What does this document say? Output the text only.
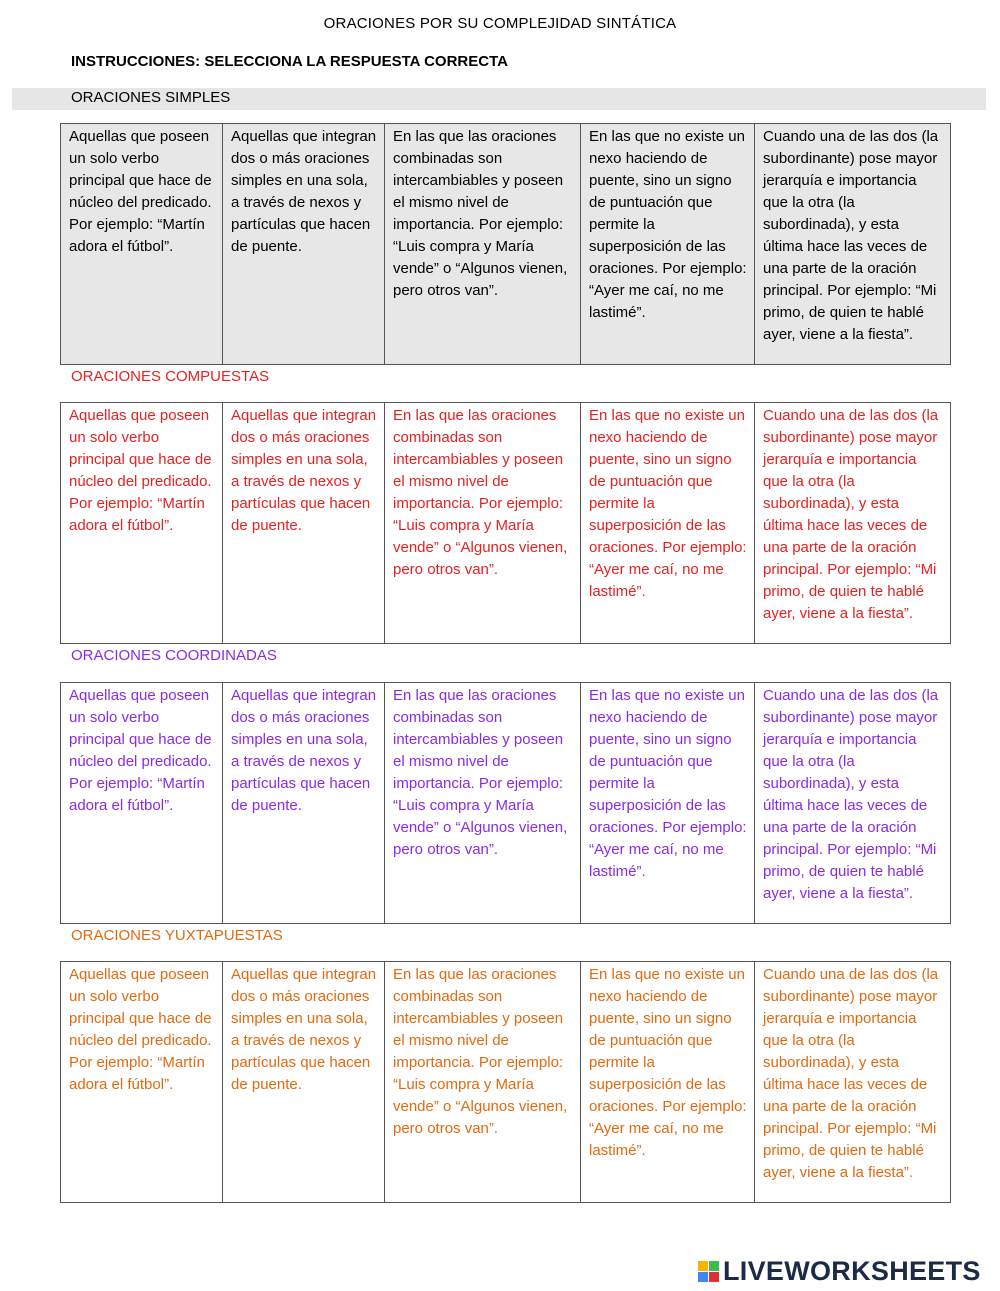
ORACIONES POR SU COMPLEJIDAD SINTÁTICA
INSTRUCCIONES: SELECCIONA LA RESPUESTA CORRECTA
ORACIONES SIMPLES
Aquellas que poseen un solo verbo principal que hace de núcleo del predicado. Por ejemplo: “Martín adora el fútbol”.	Aquellas que integran dos o más oraciones simples en una sola, a través de nexos y partículas que hacen de puente.	En las que las oraciones combinadas son intercambiables y poseen el mismo nivel de importancia. Por ejemplo: “Luis compra y María vende” o “Algunos vienen, pero otros van”.	En las que no existe un nexo haciendo de puente, sino un signo de puntuación que permite la superposición de las oraciones. Por ejemplo: “Ayer me caí, no me lastimé”.	Cuando una de las dos (la subordinante) pose mayor jerarquía e importancia que la otra (la subordinada), y esta última hace las veces de una parte de la oración principal. Por ejemplo: “Mi primo, de quien te hablé ayer, viene a la fiesta”.
ORACIONES COMPUESTAS
Aquellas que poseen un solo verbo principal que hace de núcleo del predicado. Por ejemplo: “Martín adora el fútbol”.	Aquellas que integran dos o más oraciones simples en una sola, a través de nexos y partículas que hacen de puente.	En las que las oraciones combinadas son intercambiables y poseen el mismo nivel de importancia. Por ejemplo: “Luis compra y María vende” o “Algunos vienen, pero otros van”.	En las que no existe un nexo haciendo de puente, sino un signo de puntuación que permite la superposición de las oraciones. Por ejemplo: “Ayer me caí, no me lastimé”.	Cuando una de las dos (la subordinante) pose mayor jerarquía e importancia que la otra (la subordinada), y esta última hace las veces de una parte de la oración principal. Por ejemplo: “Mi primo, de quien te hablé ayer, viene a la fiesta”.
ORACIONES COORDINADAS
Aquellas que poseen un solo verbo principal que hace de núcleo del predicado. Por ejemplo: “Martín adora el fútbol”.	Aquellas que integran dos o más oraciones simples en una sola, a través de nexos y partículas que hacen de puente.	En las que las oraciones combinadas son intercambiables y poseen el mismo nivel de importancia. Por ejemplo: “Luis compra y María vende” o “Algunos vienen, pero otros van”.	En las que no existe un nexo haciendo de puente, sino un signo de puntuación que permite la superposición de las oraciones. Por ejemplo: “Ayer me caí, no me lastimé”.	Cuando una de las dos (la subordinante) pose mayor jerarquía e importancia que la otra (la subordinada), y esta última hace las veces de una parte de la oración principal. Por ejemplo: “Mi primo, de quien te hablé ayer, viene a la fiesta”.
ORACIONES YUXTAPUESTAS
Aquellas que poseen un solo verbo principal que hace de núcleo del predicado. Por ejemplo: “Martín adora el fútbol”.	Aquellas que integran dos o más oraciones simples en una sola, a través de nexos y partículas que hacen de puente.	En las que las oraciones combinadas son intercambiables y poseen el mismo nivel de importancia. Por ejemplo: “Luis compra y María vende” o “Algunos vienen, pero otros van”.	En las que no existe un nexo haciendo de puente, sino un signo de puntuación que permite la superposición de las oraciones. Por ejemplo: “Ayer me caí, no me lastimé”.	Cuando una de las dos (la subordinante) pose mayor jerarquía e importancia que la otra (la subordinada), y esta última hace las veces de una parte de la oración principal. Por ejemplo: “Mi primo, de quien te hablé ayer, viene a la fiesta”.
LIVEWORKSHEETS
